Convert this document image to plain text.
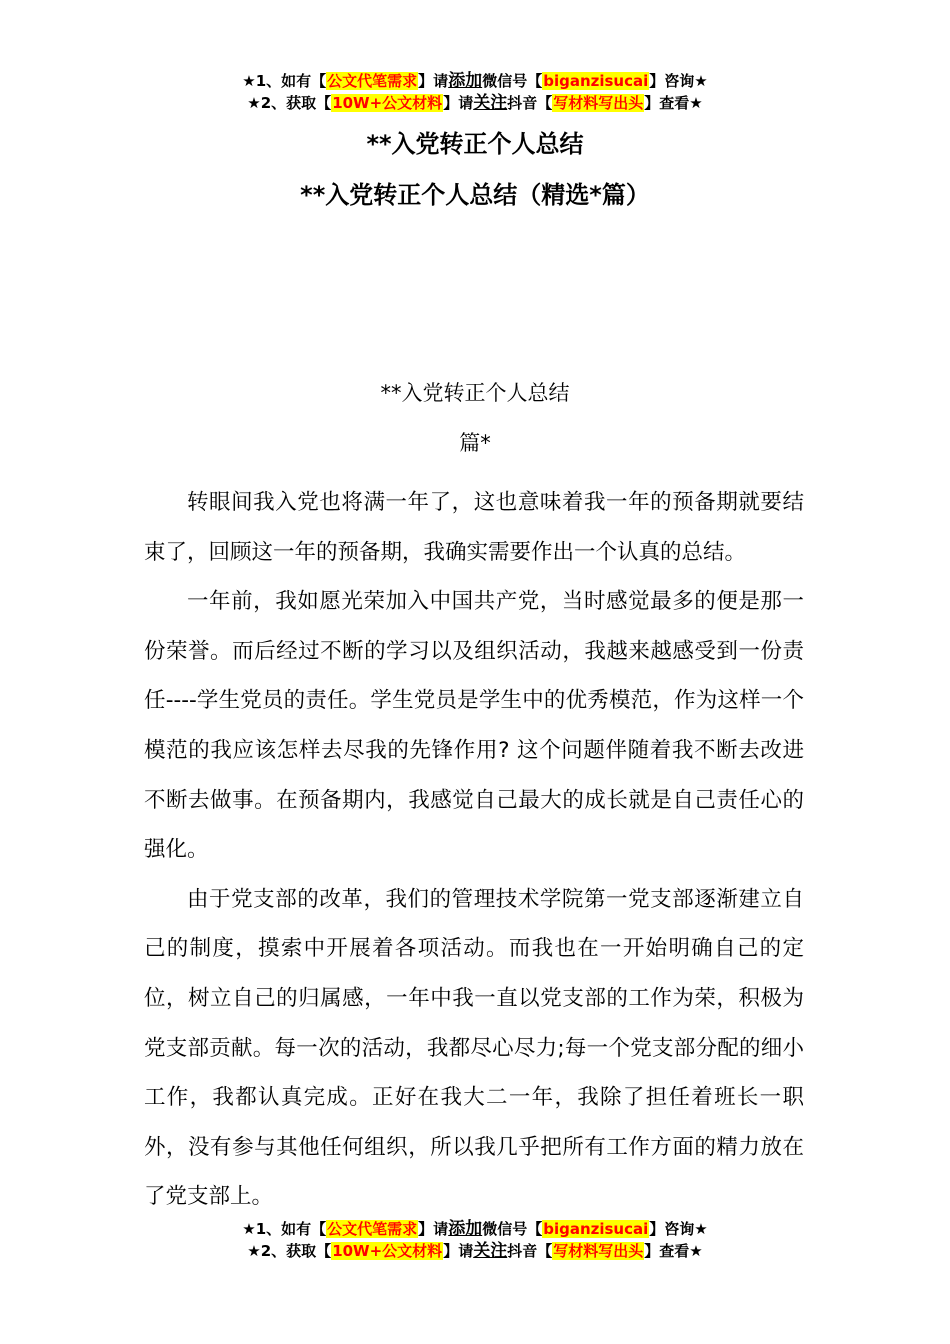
★1、如有【公文代笔需求】请添加微信号【biganzisucai】咨询★
★2、获取【10W+公文材料】请关注抖音【写材料写出头】查看★
**入党转正个人总结
**入党转正个人总结（精选*篇）
**入党转正个人总结
篇*

转眼间我入党也将满一年了，这也意味着我一年的预备期就要结束了，回顾这一年的预备期，我确实需要作出一个认真的总结。

一年前，我如愿光荣加入中国共产党，当时感觉最多的便是那一份荣誉。而后经过不断的学习以及组织活动，我越来越感受到一份责任----学生党员的责任。学生党员是学生中的优秀模范，作为这样一个模范的我应该怎样去尽我的先锋作用? 这个问题伴随着我不断去改进不断去做事。在预备期内，我感觉自己最大的成长就是自己责任心的强化。

由于党支部的改革，我们的管理技术学院第一党支部逐渐建立自己的制度，摸索中开展着各项活动。而我也在一开始明确自己的定位，树立自己的归属感，一年中我一直以党支部的工作为荣，积极为党支部贡献。每一次的活动，我都尽心尽力;每一个党支部分配的细小工作，我都认真完成。正好在我大二一年，我除了担任着班长一职外，没有参与其他任何组织，所以我几乎把所有工作方面的精力放在了党支部上。

★1、如有【公文代笔需求】请添加微信号【biganzisucai】咨询★
★2、获取【10W+公文材料】请关注抖音【写材料写出头】查看★
